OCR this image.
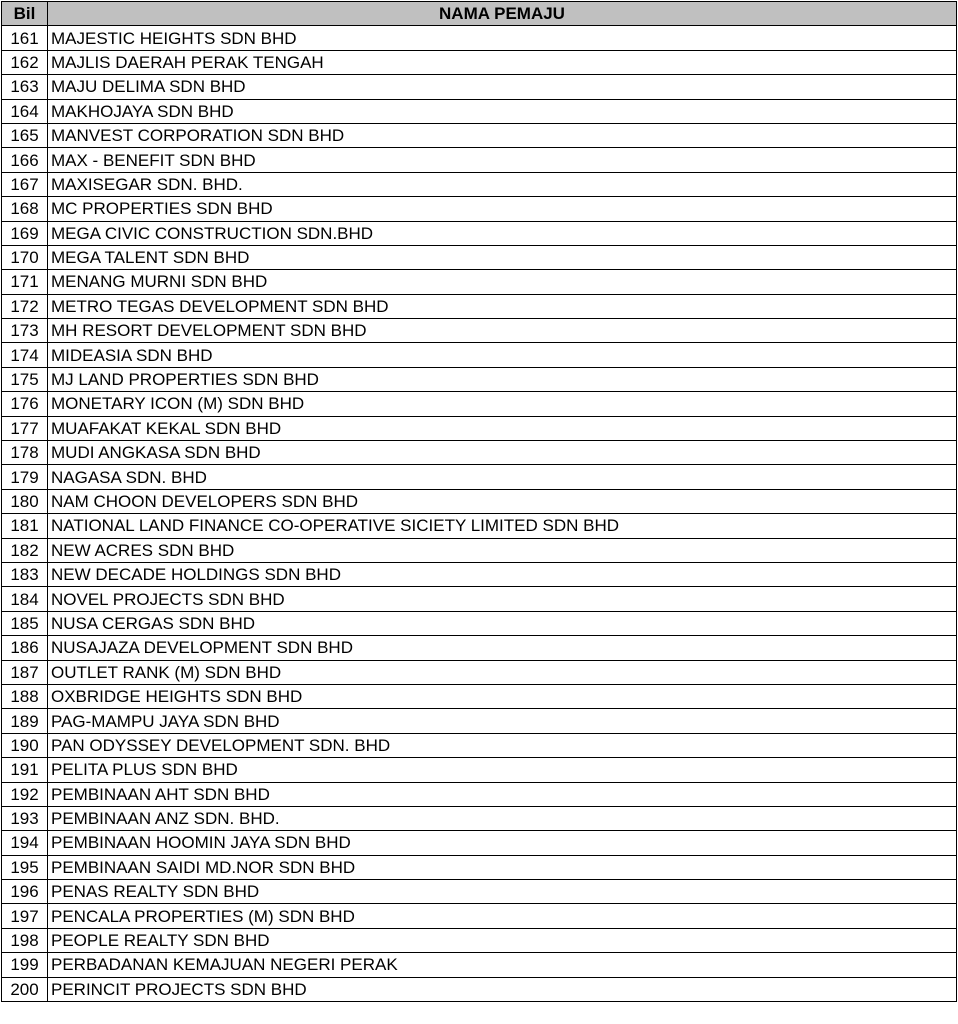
Bil	NAMA PEMAJU
161	MAJESTIC HEIGHTS SDN BHD
162	MAJLIS DAERAH PERAK TENGAH
163	MAJU DELIMA SDN BHD
164	MAKHOJAYA SDN BHD
165	MANVEST CORPORATION SDN BHD
166	MAX - BENEFIT SDN BHD
167	MAXISEGAR SDN. BHD.
168	MC PROPERTIES SDN BHD
169	MEGA CIVIC CONSTRUCTION SDN.BHD
170	MEGA TALENT SDN BHD
171	MENANG MURNI SDN BHD
172	METRO TEGAS DEVELOPMENT SDN BHD
173	MH RESORT DEVELOPMENT SDN BHD
174	MIDEASIA SDN BHD
175	MJ LAND PROPERTIES SDN BHD
176	MONETARY ICON (M) SDN BHD
177	MUAFAKAT KEKAL SDN BHD
178	MUDI ANGKASA SDN BHD
179	NAGASA SDN. BHD
180	NAM CHOON DEVELOPERS SDN BHD
181	NATIONAL LAND FINANCE CO-OPERATIVE SICIETY LIMITED SDN BHD
182	NEW ACRES SDN BHD
183	NEW DECADE HOLDINGS SDN BHD
184	NOVEL PROJECTS SDN BHD
185	NUSA CERGAS SDN BHD
186	NUSAJAZA DEVELOPMENT SDN BHD
187	OUTLET RANK (M) SDN BHD
188	OXBRIDGE HEIGHTS SDN BHD
189	PAG-MAMPU JAYA SDN BHD
190	PAN ODYSSEY DEVELOPMENT SDN. BHD
191	PELITA PLUS SDN BHD
192	PEMBINAAN AHT SDN BHD
193	PEMBINAAN ANZ SDN. BHD.
194	PEMBINAAN HOOMIN JAYA SDN BHD
195	PEMBINAAN SAIDI MD.NOR SDN BHD
196	PENAS REALTY SDN BHD
197	PENCALA PROPERTIES (M) SDN BHD
198	PEOPLE REALTY SDN BHD
199	PERBADANAN KEMAJUAN NEGERI PERAK
200	PERINCIT PROJECTS SDN BHD
